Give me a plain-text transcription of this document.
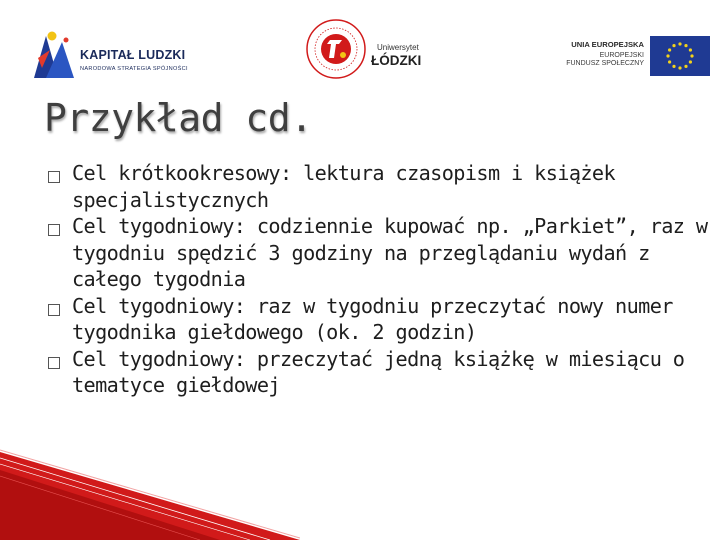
KAPITAŁ LUDZKI
NARODOWA STRATEGIA SPÓJNOŚCI
Uniwersytet
ŁÓDZKI
UNIA EUROPEJSKA
EUROPEJSKI
FUNDUSZ SPOŁECZNY
Przykład cd.
Cel krótkookresowy: lektura czasopism i książek specjalistycznych
Cel tygodniowy: codziennie kupować np. „Parkiet”, raz w tygodniu spędzić 3 godziny na przeglądaniu wydań z całego tygodnia
Cel tygodniowy: raz w tygodniu przeczytać nowy numer tygodnika giełdowego (ok. 2 godzin)
Cel tygodniowy: przeczytać jedną książkę w miesiącu o tematyce giełdowej
